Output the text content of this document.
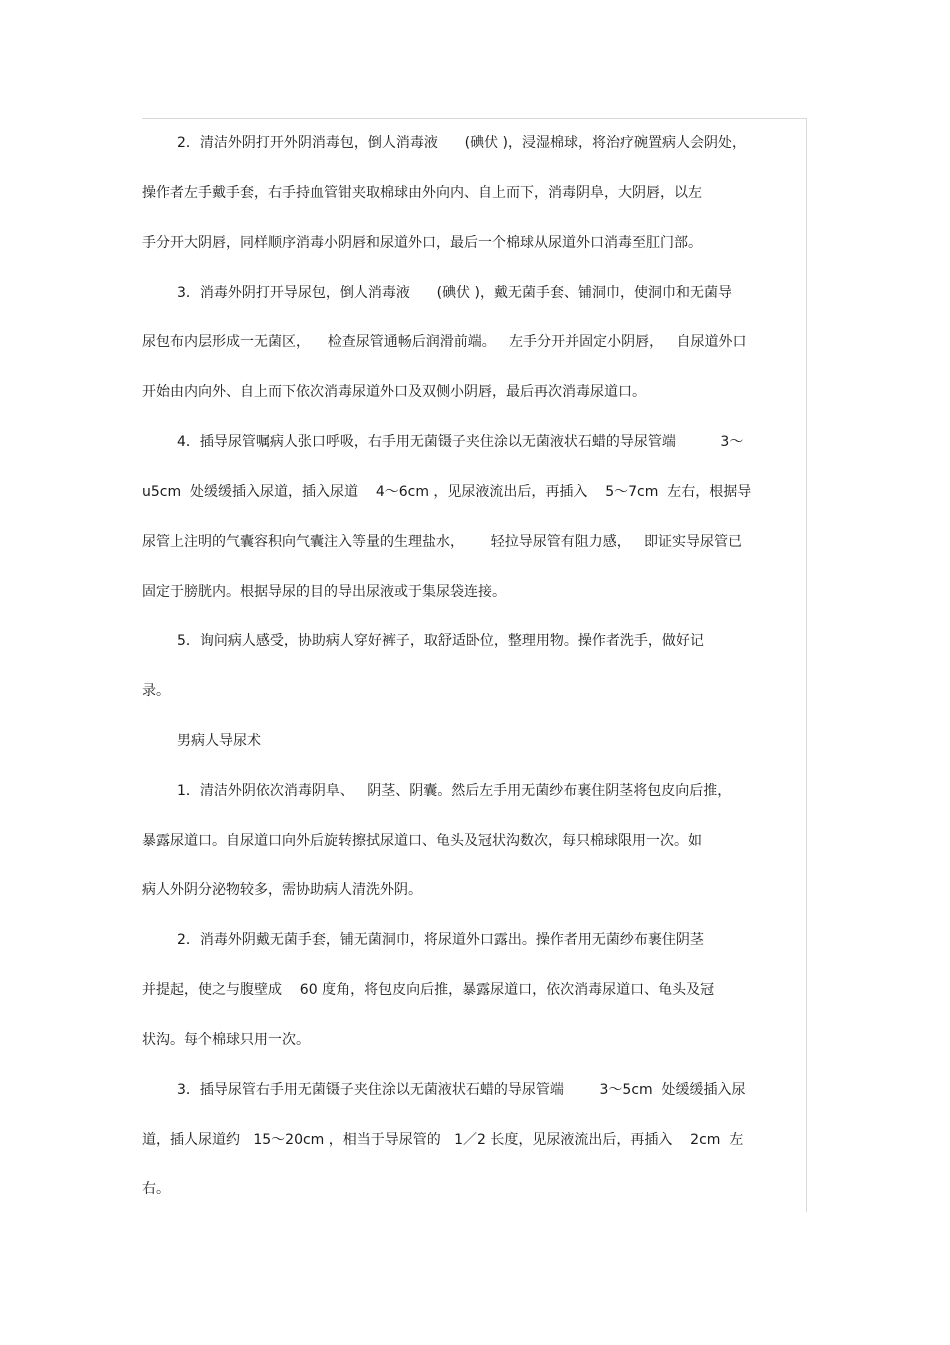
2．清洁外阴打开外阴消毒包，倒人消毒液      (碘伏 )，浸湿棉球，将治疗碗置病人会阴处，
操作者左手戴手套，右手持血管钳夹取棉球由外向内、自上而下，消毒阴阜，大阴唇，以左
手分开大阴唇，同样顺序消毒小阴唇和尿道外口，最后一个棉球从尿道外口消毒至肛门部。
3．消毒外阴打开导尿包，倒人消毒液      (碘伏 )，戴无菌手套、铺洞巾，使洞巾和无菌导
尿包布内层形成一无菌区，    检查尿管通畅后润滑前端。   左手分开并固定小阴唇，   自尿道外口
开始由内向外、自上而下依次消毒尿道外口及双侧小阴唇，最后再次消毒尿道口。
4．插导尿管嘱病人张口呼吸，右手用无菌镊子夹住涂以无菌液状石蜡的导尿管端          3～
u5cm  处缓缓插入尿道，插入尿道    4～6cm ，见尿液流出后，再插入    5～7cm  左右，根据导
尿管上注明的气囊容积向气囊注入等量的生理盐水，      轻拉导尿管有阻力感，   即证实导尿管已
固定于膀胱内。根据导尿的目的导出尿液或于集尿袋连接。
5．询问病人感受，协助病人穿好裤子，取舒适卧位，整理用物。操作者洗手，做好记
录。
男病人导尿术
1．清洁外阴依次消毒阴阜、   阴茎、阴囊。然后左手用无菌纱布裹住阴茎将包皮向后推，
暴露尿道口。自尿道口向外后旋转擦拭尿道口、龟头及冠状沟数次，每只棉球限用一次。如
病人外阴分泌物较多，需协助病人清洗外阴。
2．消毒外阴戴无菌手套，铺无菌洞巾，将尿道外口露出。操作者用无菌纱布裹住阴茎
并提起，使之与腹壁成    60 度角，将包皮向后推，暴露尿道口，依次消毒尿道口、龟头及冠
状沟。每个棉球只用一次。
3．插导尿管右手用无菌镊子夹住涂以无菌液状石蜡的导尿管端        3～5cm  处缓缓插入尿
道，插人尿道约   15～20cm ，相当于导尿管的   1／2 长度，见尿液流出后，再插入    2cm  左
右。
